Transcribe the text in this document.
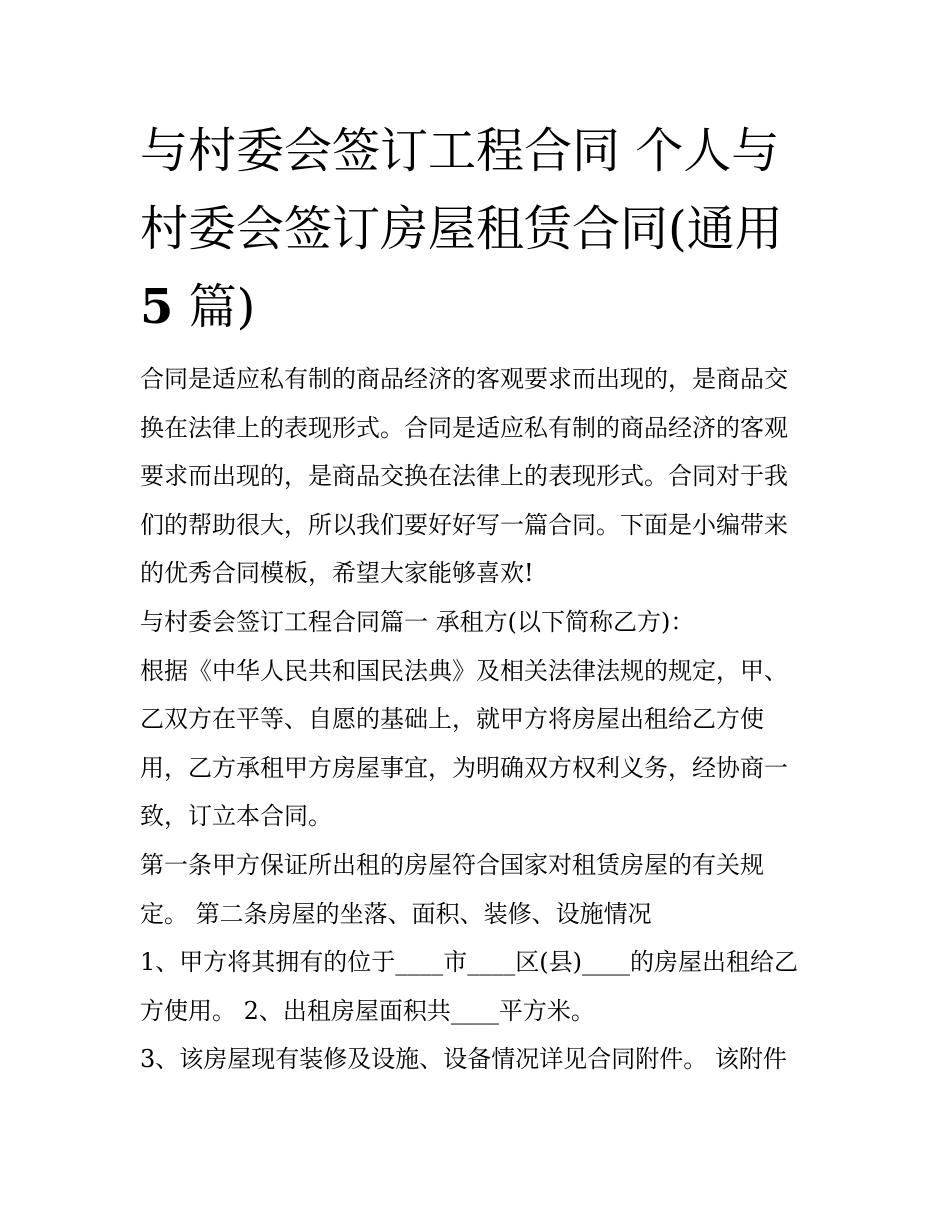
与村委会签订工程合同 个人与
村委会签订房屋租赁合同(通用
5 篇)
合同是适应私有制的商品经济的客观要求而出现的，是商品交
换在法律上的表现形式。合同是适应私有制的商品经济的客观
要求而出现的，是商品交换在法律上的表现形式。合同对于我
们的帮助很大，所以我们要好好写一篇合同。下面是小编带来
的优秀合同模板，希望大家能够喜欢!
与村委会签订工程合同篇一 承租方(以下简称乙方)：
根据《中华人民共和国民法典》及相关法律法规的规定，甲、
乙双方在平等、自愿的基础上，就甲方将房屋出租给乙方使
用，乙方承租甲方房屋事宜，为明确双方权利义务，经协商一
致，订立本合同。
第一条甲方保证所出租的房屋符合国家对租赁房屋的有关规
定。 第二条房屋的坐落、面积、装修、设施情况
1、甲方将其拥有的位于____市____区(县)____的房屋出租给乙
方使用。 2、出租房屋面积共____平方米。
3、该房屋现有装修及设施、设备情况详见合同附件。 该附件
